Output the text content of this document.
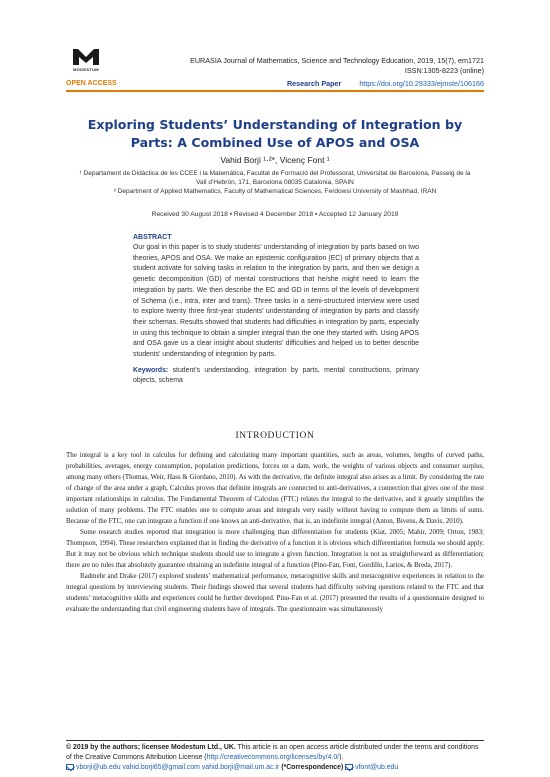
MODESTUM
OPEN ACCESS
EURASIA Journal of Mathematics, Science and Technology Education, 2019, 15(7), em1721
ISSN:1305-8223 (online)
Research Paper	https://doi.org/10.29333/ejmste/106166
Exploring Students’ Understanding of Integration by Parts: A Combined Use of APOS and OSA
Vahid Borji ¹·²*, Vicenç Font ¹
¹ Departament de Didàctica de les CCEE i la Matemàtica, Facultat de Formació del Professorat, Universitat de Barcelona, Passeig de la Vall d’Hebrón, 171, Barcelona 08035 Catalonia, SPAIN
² Department of Applied Mathematics, Faculty of Mathematical Sciences, Ferdowsi University of Mashhad, IRAN
Received 30 August 2018 ▪ Revised 4 December 2018 ▪ Accepted 12 January 2019
ABSTRACT

Our goal in this paper is to study students’ understanding of integration by parts based on two theories, APOS and OSA. We make an epistemic configuration (EC) of primary objects that a student activate for solving tasks in relation to the integration by parts, and then we design a genetic decomposition (GD) of mental constructions that he/she might need to learn the integration by parts. We then describe the EC and GD in terms of the levels of development of Schema (i.e., intra, inter and trans). Three tasks in a semi-structured interview were used to explore twenty three first-year students’ understanding of integration by parts and classify their schemas. Results showed that students had difficulties in integration by parts, especially in using this technique to obtain a simpler integral than the one they started with. Using APOS and OSA gave us a clear insight about students’ difficulties and helped us to better describe students’ understanding of integration by parts.

Keywords: student’s understanding, integration by parts, mental constructions, primary objects, schema
INTRODUCTION

The integral is a key tool in calculus for defining and calculating many important quantities, such as areas, volumes, lengths of curved paths, probabilities, averages, energy consumption, population predictions, forces on a dam, work, the weights of various objects and consumer surplus, among many others (Thomas, Weir, Hass & Giordano, 2010). As with the derivative, the definite integral also arises as a limit. By considering the rate of change of the area under a graph, Calculus proves that definite integrals are connected to anti-derivatives, a connection that gives one of the most important relationships in calculus. The Fundamental Theorem of Calculus (FTC) relates the integral to the derivative, and it greatly simplifies the solution of many problems. The FTC enables one to compute areas and integrals very easily without having to compute them as limits of sums. Because of the FTC, one can integrate a function if one knows an anti-derivative, that is, an indefinite integral (Anton, Bivens, & Davis, 2010).

Some research studies reported that integration is more challenging than differentiation for students (Kiat, 2005; Mahir, 2009; Orton, 1983; Thompson, 1994). These researchers explained that in finding the derivative of a function it is obvious which differentiation formula we should apply. But it may not be obvious which technique students should use to integrate a given function. Integration is not as straightforward as differentiation; there are no rules that absolutely guarantee obtaining an indefinite integral of a function (Pino-Fan, Font, Gordillo, Larios, & Breda, 2017).

Radmehr and Drake (2017) explored students’ mathematical performance, metacognitive skills and metacognitive experiences in relation to the integral questions by interviewing students. Their findings showed that several students had difficulty solving questions related to the FTC and that students’ metacognitive skills and experiences could be further developed. Pino-Fan et al. (2017) presented the results of a questionnaire designed to evaluate the understanding that civil engineering students have of integrals. The questionnaire was simultaneously

© 2019 by the authors; licensee Modestum Ltd., UK. This article is an open access article distributed under the terms and conditions of the Creative Commons Attribution License (http://creativecommons.org/licenses/by/4.0/).
vborji@ub.edu vahid.borji65@gmail.com vahid.borji@mail.um.ac.ir (*Correspondence) vfont@ub.edu
